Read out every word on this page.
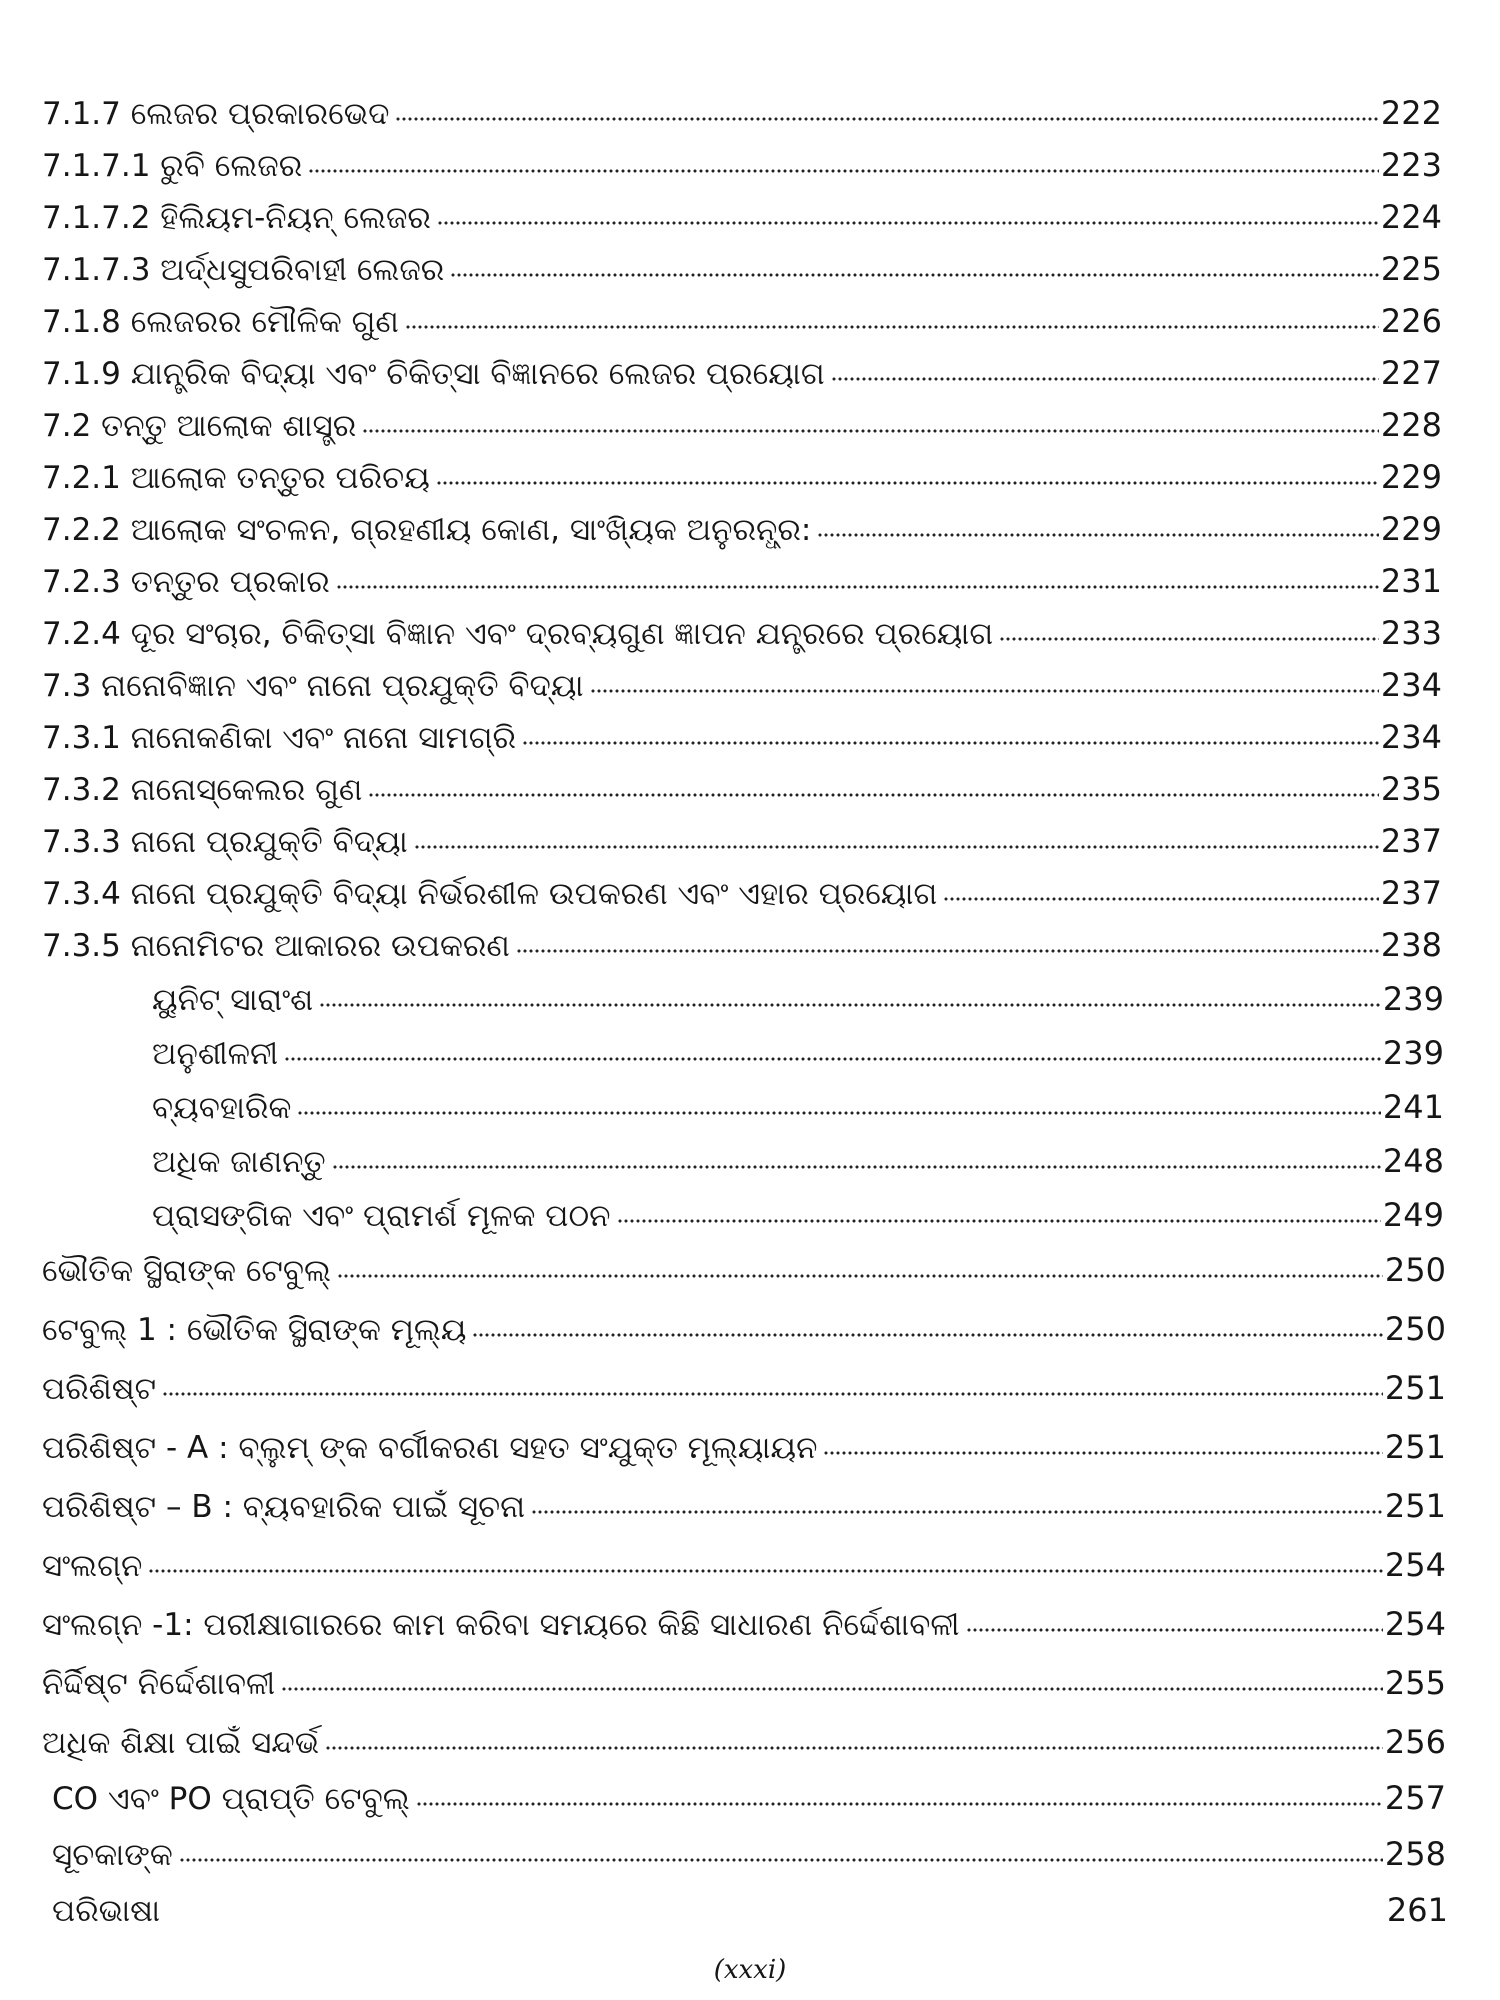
7.1.7 ଲେଜର ପ୍ରକାରଭେଦ	222
7.1.7.1 ରୁବି ଲେଜର	223
7.1.7.2 ହିଲିୟମ-ନିୟନ୍ ଲେଜର	224
7.1.7.3 ଅର୍ଦ୍ଧସୁପରିବାହୀ ଲେଜର	225
7.1.8 ଲେଜରର ମୌଳିକ ଗୁଣ	226
7.1.9 ଯାନ୍ତ୍ରିକ ବିଦ୍ୟା ଏବଂ ଚିକିତ୍ସା ବିଜ୍ଞାନରେ ଲେଜର ପ୍ରୟୋଗ	227
7.2 ତନ୍ତୁ ଆଲୋକ ଶାସ୍ତ୍ର	228
7.2.1 ଆଲୋକ ତନ୍ତୁର ପରିଚୟ	229
7.2.2 ଆଲୋକ ସଂଚଳନ, ଗ୍ରହଣୀୟ କୋଣ, ସାଂଖ୍ୟିକ ଅନୁରନ୍ଧ୍ର:	229
7.2.3 ତନ୍ତୁର ପ୍ରକାର	231
7.2.4 ଦୂର ସଂଚାର, ଚିକିତ୍ସା ବିଜ୍ଞାନ ଏବଂ ଦ୍ରବ୍ୟଗୁଣ ଜ୍ଞାପନ ଯନ୍ତ୍ରରେ ପ୍ରୟୋଗ	233
7.3 ନାନୋବିଜ୍ଞାନ ଏବଂ ନାନୋ ପ୍ରଯୁକ୍ତି ବିଦ୍ୟା	234
7.3.1 ନାନୋକଣିକା ଏବଂ ନାନୋ ସାମଗ୍ରି	234
7.3.2 ନାନୋସ୍କେଲର ଗୁଣ	235
7.3.3 ନାନୋ ପ୍ରଯୁକ୍ତି ବିଦ୍ୟା	237
7.3.4 ନାନୋ ପ୍ରଯୁକ୍ତି ବିଦ୍ୟା ନିର୍ଭରଶୀଳ ଉପକରଣ ଏବଂ ଏହାର ପ୍ରୟୋଗ	237
7.3.5 ନାନୋମିଟର ଆକାରର ଉପକରଣ	238
ୟୁନିଟ୍ ସାରାଂଶ	239
ଅନୁଶୀଳନୀ	239
ବ୍ୟବହାରିକ	241
ଅଧିକ ଜାଣନ୍ତୁ	248
ପ୍ରାସଙ୍ଗିକ ଏବଂ ପ୍ରାମର୍ଶ ମୂଳକ ପଠନ	249
ଭୌତିକ ସ୍ଥିରାଙ୍କ ଟେବୁଲ୍	250
ଟେବୁଲ୍ 1 : ଭୌତିକ ସ୍ଥିରାଙ୍କ ମୂଲ୍ୟ	250
ପରିଶିଷ୍ଟ	251
ପରିଶିଷ୍ଟ - A : ବ୍ଲୁମ୍ ଙ୍କ ବର୍ଗୀକରଣ ସହତ ସଂଯୁକ୍ତ ମୂଲ୍ୟାୟନ	251
ପରିଶିଷ୍ଟ – B : ବ୍ୟବହାରିକ ପାଇଁ ସୂଚନା	251
ସଂଲଗ୍ନ	254
ସଂଲଗ୍ନ -1: ପରୀକ୍ଷାଗାରରେ କାମ କରିବା ସମୟରେ କିଛି ସାଧାରଣ ନିର୍ଦ୍ଦେଶାବଳୀ	254
ନିର୍ଦ୍ଦିଷ୍ଟ ନିର୍ଦ୍ଦେଶାବଳୀ	255
ଅଧିକ ଶିକ୍ଷା ପାଇଁ ସନ୍ଦର୍ଭ	256
CO ଏବଂ PO ପ୍ରାପ୍ତି ଟେବୁଲ୍	257
ସୂଚକାଙ୍କ	258
ପରିଭାଷା	261
(xxxi)
